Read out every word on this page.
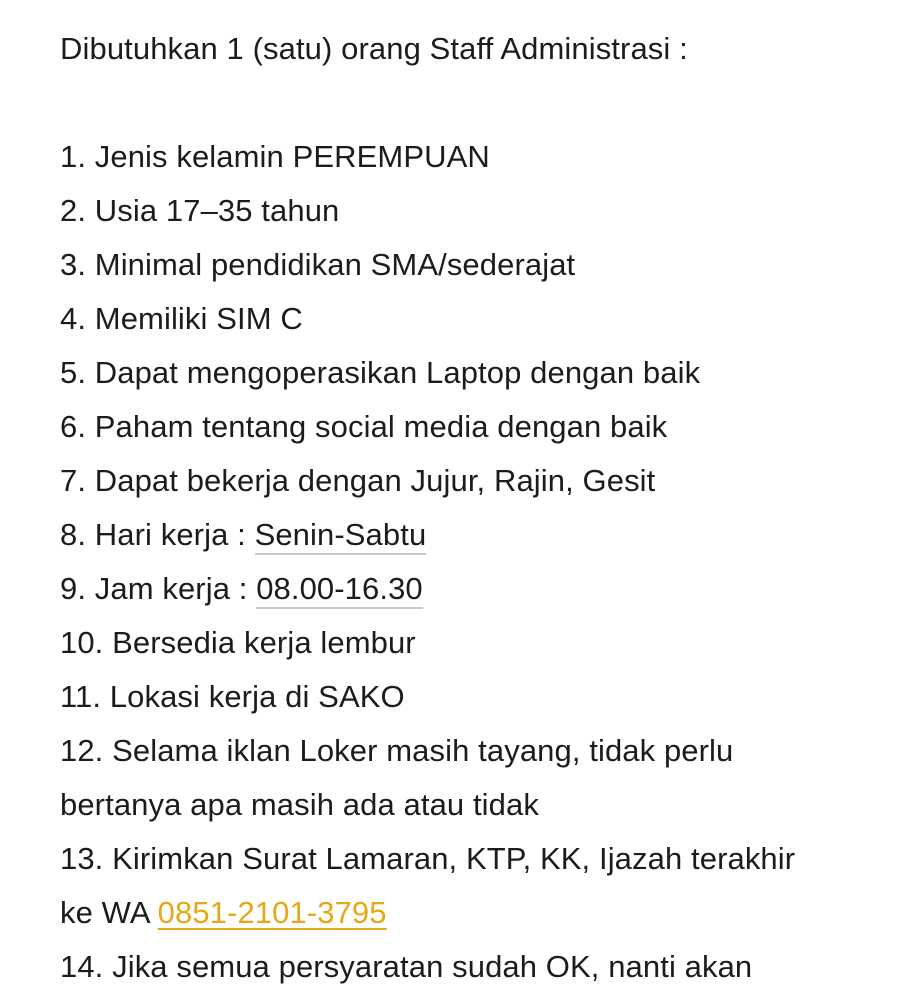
Dibutuhkan 1 (satu) orang Staff Administrasi :
1. Jenis kelamin PEREMPUAN
2. Usia 17–35 tahun
3. Minimal pendidikan SMA/sederajat
4. Memiliki SIM C
5. Dapat mengoperasikan Laptop dengan baik
6. Paham tentang social media dengan baik
7. Dapat bekerja dengan Jujur, Rajin, Gesit
8. Hari kerja : Senin-Sabtu
9. Jam kerja : 08.00-16.30
10. Bersedia kerja lembur
11. Lokasi kerja di SAKO
12. Selama iklan Loker masih tayang, tidak perlu
bertanya apa masih ada atau tidak
13. Kirimkan Surat Lamaran, KTP, KK, Ijazah terakhir
ke WA 0851-2101-3795
14. Jika semua persyaratan sudah OK, nanti akan
